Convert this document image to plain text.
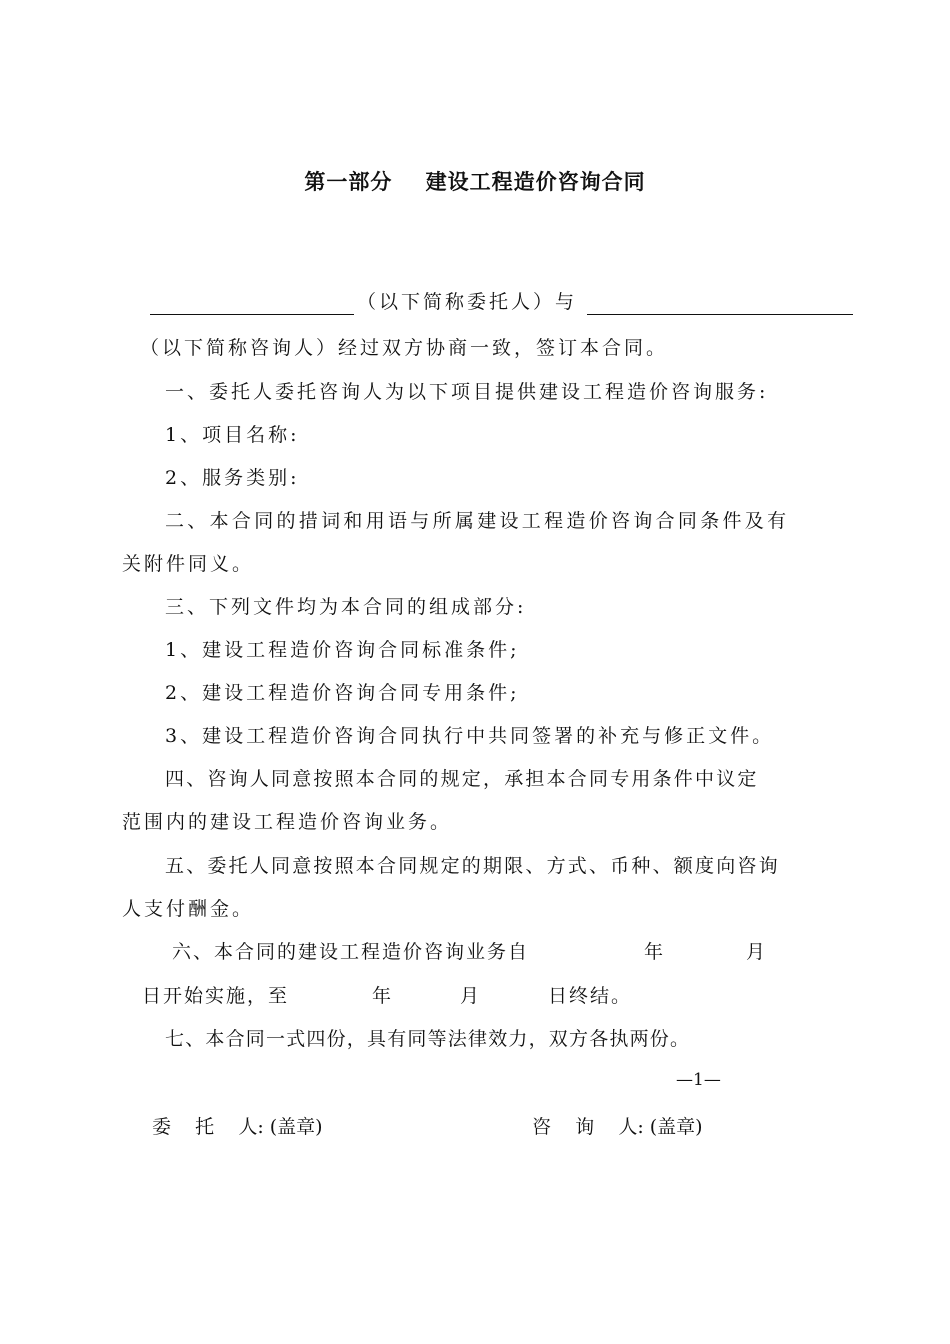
第一部分    建设工程造价咨询合同
（以下简称委托人）与
（以下简称咨询人）经过双方协商一致，签订本合同。
一、委托人委托咨询人为以下项目提供建设工程造价咨询服务:
1、项目名称:
2、服务类别:
二、本合同的措词和用语与所属建设工程造价咨询合同条件及有
关附件同义。
三、下列文件均为本合同的组成部分:
1、建设工程造价咨询合同标准条件;
2、建设工程造价咨询合同专用条件;
3、建设工程造价咨询合同执行中共同签署的补充与修正文件。
四、咨询人同意按照本合同的规定，承担本合同专用条件中议定
范围内的建设工程造价咨询业务。
五、委托人同意按照本合同规定的期限、方式、币种、额度向咨询
人支付酬金。
六、本合同的建设工程造价咨询业务自	年	月
日开始实施，至	年	月	日终结。
七、本合同一式四份，具有同等法律效力，双方各执两份。
—1—
委    托    人: (盖章)	咨    询    人: (盖章)
